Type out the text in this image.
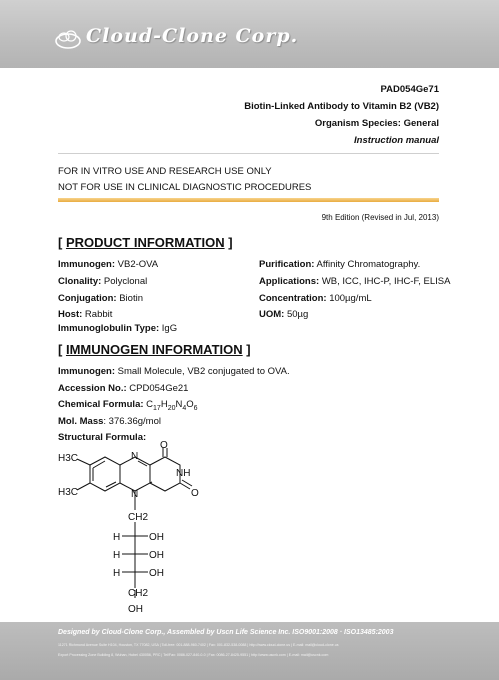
Cloud-Clone Corp.
PAD054Ge71
Biotin-Linked Antibody to Vitamin B2 (VB2)
Organism Species: General
Instruction manual
FOR IN VITRO USE AND RESEARCH USE ONLY
NOT FOR USE IN CLINICAL DIAGNOSTIC PROCEDURES
9th Edition (Revised in Jul, 2013)
[ PRODUCT INFORMATION ]
Immunogen: VB2-OVA
Clonality: Polyclonal
Conjugation: Biotin
Host: Rabbit
Immunoglobulin Type: IgG
Purification: Affinity Chromatography.
Applications: WB, ICC, IHC-P, IHC-F, ELISA
Concentration: 100µg/mL
UOM: 50µg
[ IMMUNOGEN INFORMATION ]
Immunogen: Small Molecule, VB2 conjugated to OVA.
Accession No.: CPD054Ge21
Chemical Formula: $C_{17}H_{20}N_4O_6$
Mol. Mass: 376.36g/mol
Structural Formula:
H3C
H3C
N
NH
N
O
O
CH2
H	OH
H	OH
H	OH
CH2
OH
Designed by Cloud-Clone Corp., Assembled by Uscn Life Science Inc. ISO9001:2008 · ISO13485:2003
11271 Richmond Avenue Suite H104, Houston, TX 77082, USA | Toll-free: 001-888-960-7402 | Fax: 001-832-538-0088 | http://www.cloud-clone.us | E-mail: mail@cloud-clone.us
Export Processing Zone Building 8, Wuhan, Hubei 430056, PRC | Tel/Fax: 0086-027-840-0-0 | Fax: 0086-27-8425-9551 | http://www.uscnk.com | E-mail: mail@uscnk.com
